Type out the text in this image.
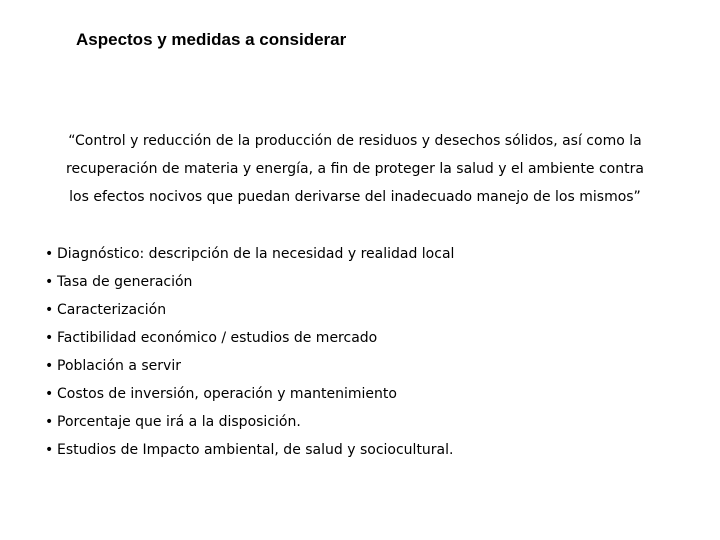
Aspectos y medidas a considerar
“Control y reducción de la producción de residuos y desechos sólidos, así como la
recuperación de materia y energía, a fin de proteger la salud y el ambiente contra
los efectos nocivos que puedan derivarse del inadecuado manejo de los mismos”
• Diagnóstico: descripción de la necesidad y realidad local
• Tasa de generación
• Caracterización
• Factibilidad económico / estudios de mercado
• Población a servir
• Costos de inversión, operación y mantenimiento
• Porcentaje que irá a la disposición.
• Estudios de Impacto ambiental, de salud y sociocultural.
